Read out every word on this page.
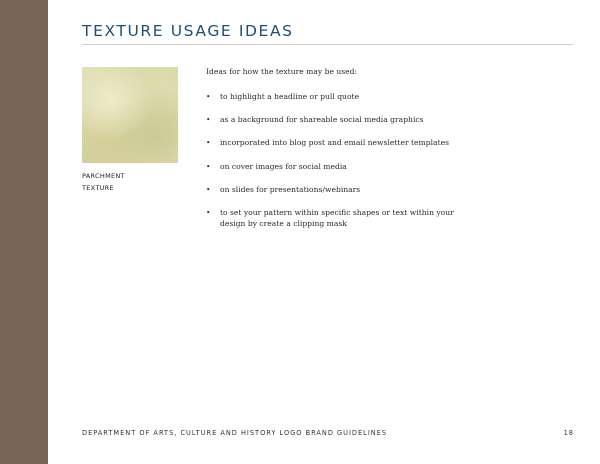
TEXTURE USAGE IDEAS
PARCHMENT
TEXTURE

Ideas for how the texture may be used:

• to highlight a headline or pull quote
• as a background for shareable social media graphics
• incorporated into blog post and email newsletter templates
• on cover images for social media
• on slides for presentations/webinars
• to set your pattern within specific shapes or text within your design by create a clipping mask
DEPARTMENT OF ARTS, CULTURE AND HISTORY LOGO BRAND GUIDELINES	18
